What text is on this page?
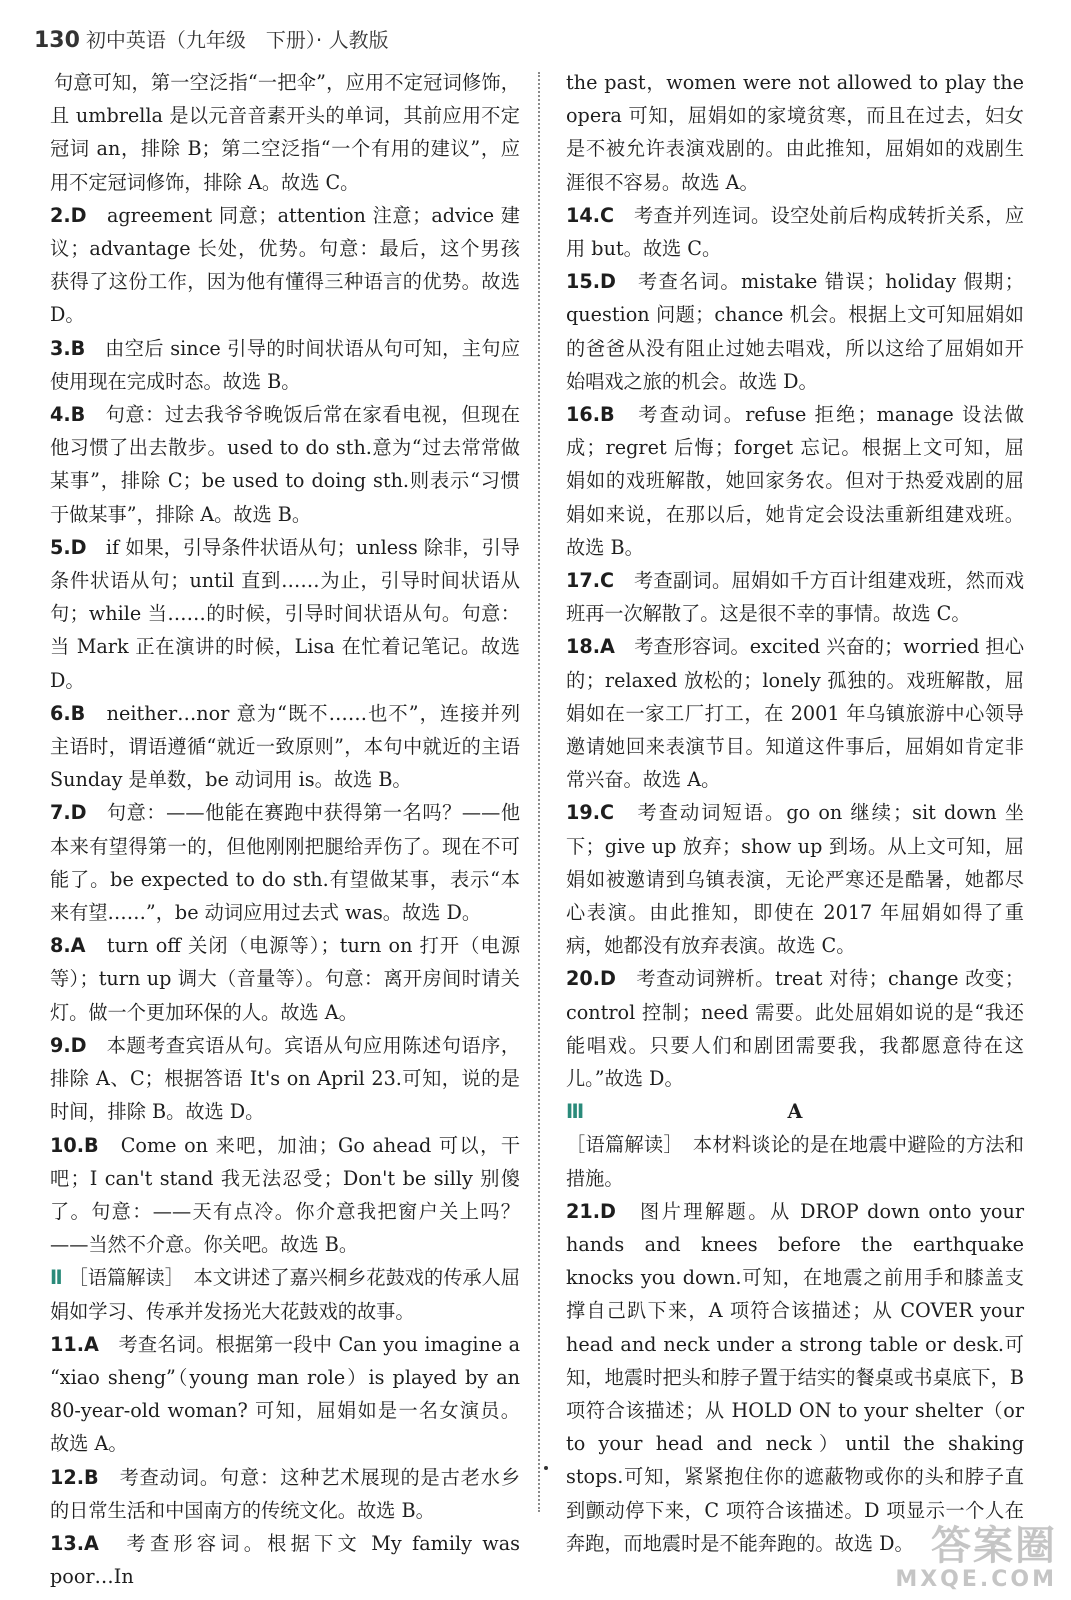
130 初中英语（九年级　下册）· 人教版

句意可知，第一空泛指“一把伞”，应用不定冠词修饰，且 umbrella 是以元音音素开头的单词，其前应用不定冠词 an，排除 B；第二空泛指“一个有用的建议”，应用不定冠词修饰，排除 A。故选 C。

2.D　 agreement 同意；attention 注意；advice 建议；advantage 长处，优势。句意：最后，这个男孩获得了这份工作，因为他有懂得三种语言的优势。故选 D。

3.B　 由空后 since 引导的时间状语从句可知，主句应使用现在完成时态。故选 B。

4.B　 句意：过去我爷爷晚饭后常在家看电视，但现在他习惯了出去散步。used to do sth.意为“过去常常做某事”，排除 C；be used to doing sth.则表示“习惯于做某事”，排除 A。故选 B。

5.D　 if 如果，引导条件状语从句；unless 除非，引导条件状语从句；until 直到……为止，引导时间状语从句；while 当……的时候，引导时间状语从句。句意：当 Mark 正在演讲的时候，Lisa 在忙着记笔记。故选 D。

6.B　 neither…nor 意为“既不……也不”，连接并列主语时，谓语遵循“就近一致原则”，本句中就近的主语 Sunday 是单数，be 动词用 is。故选 B。

7.D　 句意：——他能在赛跑中获得第一名吗？——他本来有望得第一的，但他刚刚把腿给弄伤了。现在不可能了。be expected to do sth.有望做某事，表示“本来有望……”，be 动词应用过去式 was。故选 D。

8.A　 turn off 关闭（电源等）；turn on 打开（电源等）；turn up 调大（音量等）。句意：离开房间时请关灯。做一个更加环保的人。故选 A。

9.D　 本题考查宾语从句。宾语从句应用陈述句语序，排除 A、C；根据答语 It's on April 23.可知，说的是时间，排除 B。故选 D。

10.B　 Come on 来吧，加油；Go ahead 可以，干吧；I can't stand 我无法忍受；Don't be silly 别傻了。句意：——天有点冷。你介意我把窗户关上吗？——当然不介意。你关吧。故选 B。

Ⅱ ［语篇解读］　本文讲述了嘉兴桐乡花鼓戏的传承人屈娟如学习、传承并发扬光大花鼓戏的故事。

11.A　 考查名词。根据第一段中 Can you imagine a “xiao sheng”（young man role）is played by an 80-year-old woman? 可知，屈娟如是一名女演员。故选 A。

12.B　 考查动词。句意：这种艺术展现的是古老水乡的日常生活和中国南方的传统文化。故选 B。

13.A　 考查形容词。根据下文 My family was poor…In

the past，women were not allowed to play the opera 可知，屈娟如的家境贫寒，而且在过去，妇女是不被允许表演戏剧的。由此推知，屈娟如的戏剧生涯很不容易。故选 A。

14.C　 考查并列连词。设空处前后构成转折关系，应用 but。故选 C。

15.D　 考查名词。mistake 错误；holiday 假期；question 问题；chance 机会。根据上文可知屈娟如的爸爸从没有阻止过她去唱戏，所以这给了屈娟如开始唱戏之旅的机会。故选 D。

16.B　 考查动词。refuse 拒绝；manage 设法做成；regret 后悔；forget 忘记。根据上文可知，屈娟如的戏班解散，她回家务农。但对于热爱戏剧的屈娟如来说，在那以后，她肯定会设法重新组建戏班。故选 B。

17.C　 考查副词。屈娟如千方百计组建戏班，然而戏班再一次解散了。这是很不幸的事情。故选 C。

18.A　 考查形容词。excited 兴奋的；worried 担心的；relaxed 放松的；lonely 孤独的。戏班解散，屈娟如在一家工厂打工，在 2001 年乌镇旅游中心领导邀请她回来表演节目。知道这件事后，屈娟如肯定非常兴奋。故选 A。

19.C　 考查动词短语。go on 继续；sit down 坐下；give up 放弃；show up 到场。从上文可知，屈娟如被邀请到乌镇表演，无论严寒还是酷暑，她都尽心表演。由此推知，即使在 2017 年屈娟如得了重病，她都没有放弃表演。故选 C。

20.D　 考查动词辨析。treat 对待；change 改变；control 控制；need 需要。此处屈娟如说的是“我还能唱戏。只要人们和剧团需要我，我都愿意待在这儿。”故选 D。

Ⅲ	A

［语篇解读］　本材料谈论的是在地震中避险的方法和措施。

21.D　 图片理解题。从 DROP down onto your hands and knees before the earthquake knocks you down.可知，在地震之前用手和膝盖支撑自己趴下来，A 项符合该描述；从 COVER your head and neck under a strong table or desk.可知，地震时把头和脖子置于结实的餐桌或书桌底下，B 项符合该描述；从 HOLD ON to your shelter（or to your head and neck）until the shaking stops.可知，紧紧抱住你的遮蔽物或你的头和脖子直到颤动停下来，C 项符合该描述。D 项显示一个人在奔跑，而地震时是不能奔跑的。故选 D。 答案圈
MXQE.COM
